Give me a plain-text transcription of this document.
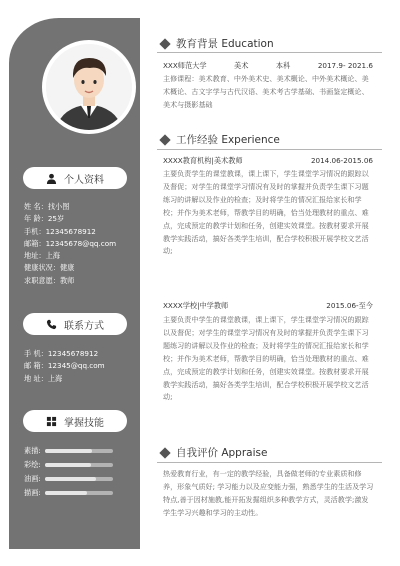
个人资料
姓 名：找小图
年 龄：25岁
手机：12345678912
邮箱：12345678@qq.com
地址：上海
健康状况：健康
求职意愿：教师
联系方式
手 机：12345678912
邮 箱：12345@qq.com
地 址：上海
掌握技能
素描:
彩绘:
油画:
描画:
教育背景 Education
XXX师范大学	美术	本科	2017.9- 2021.6
主修课程：美术教育、中外美术史、美术概论、中外美术概论、美术概论、古文字学与古代汉语、美术考古学基础、书画鉴定概论、美术与摄影基础
工作经验 Experience
XXXX教育机构|美术教师	2014.06-2015.06
主要负责学生的课堂教课，课上课下，学生课堂学习情况的跟踪以及督促；对学生的课堂学习情况有及时的掌握并负责学生课下习题练习的讲解以及作业的检查；及时将学生的情况汇报给家长和学校；并作为美术老师，帮教学目的明确，恰当处理教材的重点、难点，完成预定的教学计划和任务，创建实效课堂。按教材要求开展教学实践活动，搞好各类学生培训，配合学校积极开展学校文艺活动;
XXXX学校|中学教师	2015.06-至今
主要负责中学生的课堂教课，课上课下，学生课堂学习情况的跟踪以及督促；对学生的课堂学习情况有及时的掌握并负责学生课下习题练习的讲解以及作业的检查；及时将学生的情况汇报给家长和学校；并作为美术老师，帮教学目的明确，恰当处理教材的重点、难点，完成预定的教学计划和任务，创建实效课堂。按教材要求开展教学实践活动，搞好各类学生培训，配合学校积极开展学校文艺活动;
自我评价 Appraise
热爱教育行业，有一定的教学经验，具备做老师的专业素质和修养，形象气质好; 学习能力以及应变能力强，熟悉学生的生活及学习特点,善于因材施教,能开拓发掘组织多种教学方式，灵活教学;激发学生学习兴趣和学习的主动性。
